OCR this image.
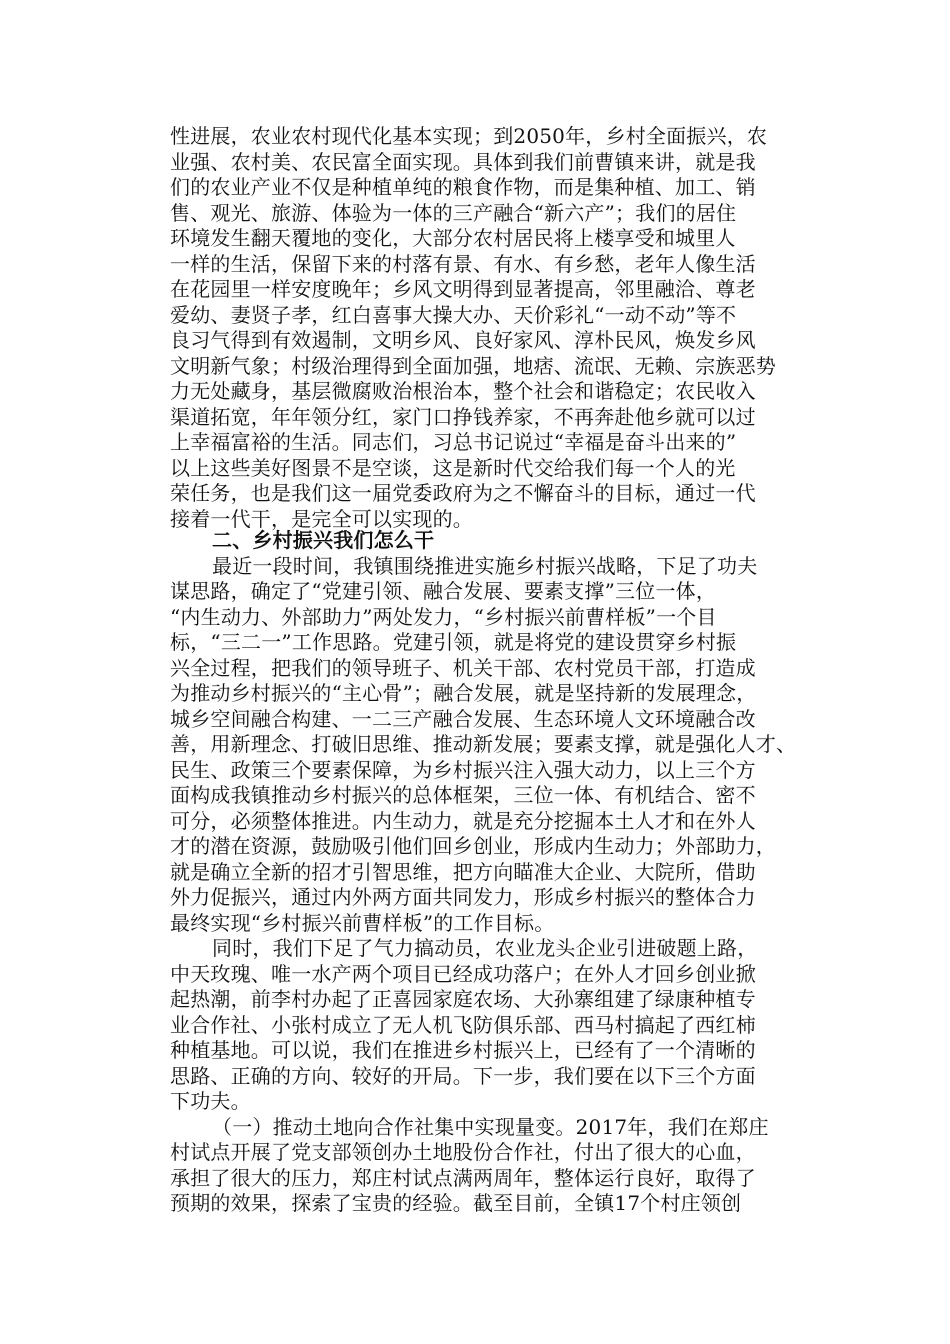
性进展，农业农村现代化基本实现；到2050年，乡村全面振兴，农
业强、农村美、农民富全面实现。具体到我们前曹镇来讲，就是我
们的农业产业不仅是种植单纯的粮食作物，而是集种植、加工、销
售、观光、旅游、体验为一体的三产融合“新六产”；我们的居住
环境发生翻天覆地的变化，大部分农村居民将上楼享受和城里人
一样的生活，保留下来的村落有景、有水、有乡愁，老年人像生活
在花园里一样安度晚年；乡风文明得到显著提高，邻里融洽、尊老
爱幼、妻贤子孝，红白喜事大操大办、天价彩礼“一动不动”等不
良习气得到有效遏制，文明乡风、良好家风、淳朴民风，焕发乡风
文明新气象；村级治理得到全面加强，地痞、流氓、无赖、宗族恶势
力无处藏身，基层微腐败治根治本，整个社会和谐稳定；农民收入
渠道拓宽，年年领分红，家门口挣钱养家，不再奔赴他乡就可以过
上幸福富裕的生活。同志们，习总书记说过“幸福是奋斗出来的”
以上这些美好图景不是空谈，这是新时代交给我们每一个人的光
荣任务，也是我们这一届党委政府为之不懈奋斗的目标，通过一代
接着一代干，是完全可以实现的。
二、乡村振兴我们怎么干
最近一段时间，我镇围绕推进实施乡村振兴战略，下足了功夫
谋思路，确定了“党建引领、融合发展、要素支撑”三位一体，
“内生动力、外部助力”两处发力，“乡村振兴前曹样板”一个目
标，“三二一”工作思路。党建引领，就是将党的建设贯穿乡村振
兴全过程，把我们的领导班子、机关干部、农村党员干部，打造成
为推动乡村振兴的“主心骨”；融合发展，就是坚持新的发展理念，
城乡空间融合构建、一二三产融合发展、生态环境人文环境融合改
善，用新理念、打破旧思维、推动新发展；要素支撑，就是强化人才、
民生、政策三个要素保障，为乡村振兴注入强大动力，以上三个方
面构成我镇推动乡村振兴的总体框架，三位一体、有机结合、密不
可分，必须整体推进。内生动力，就是充分挖掘本土人才和在外人
才的潜在资源，鼓励吸引他们回乡创业，形成内生动力；外部助力，
就是确立全新的招才引智思维，把方向瞄准大企业、大院所，借助
外力促振兴，通过内外两方面共同发力，形成乡村振兴的整体合力
最终实现“乡村振兴前曹样板”的工作目标。
同时，我们下足了气力搞动员，农业龙头企业引进破题上路，
中天玫瑰、唯一水产两个项目已经成功落户；在外人才回乡创业掀
起热潮，前李村办起了正喜园家庭农场、大孙寨组建了绿康种植专
业合作社、小张村成立了无人机飞防俱乐部、西马村搞起了西红柿
种植基地。可以说，我们在推进乡村振兴上，已经有了一个清晰的
思路、正确的方向、较好的开局。下一步，我们要在以下三个方面
下功夫。
（一）推动土地向合作社集中实现量变。2017年，我们在郑庄
村试点开展了党支部领创办土地股份合作社，付出了很大的心血，
承担了很大的压力，郑庄村试点满两周年，整体运行良好，取得了
预期的效果，探索了宝贵的经验。截至目前，全镇17个村庄领创
